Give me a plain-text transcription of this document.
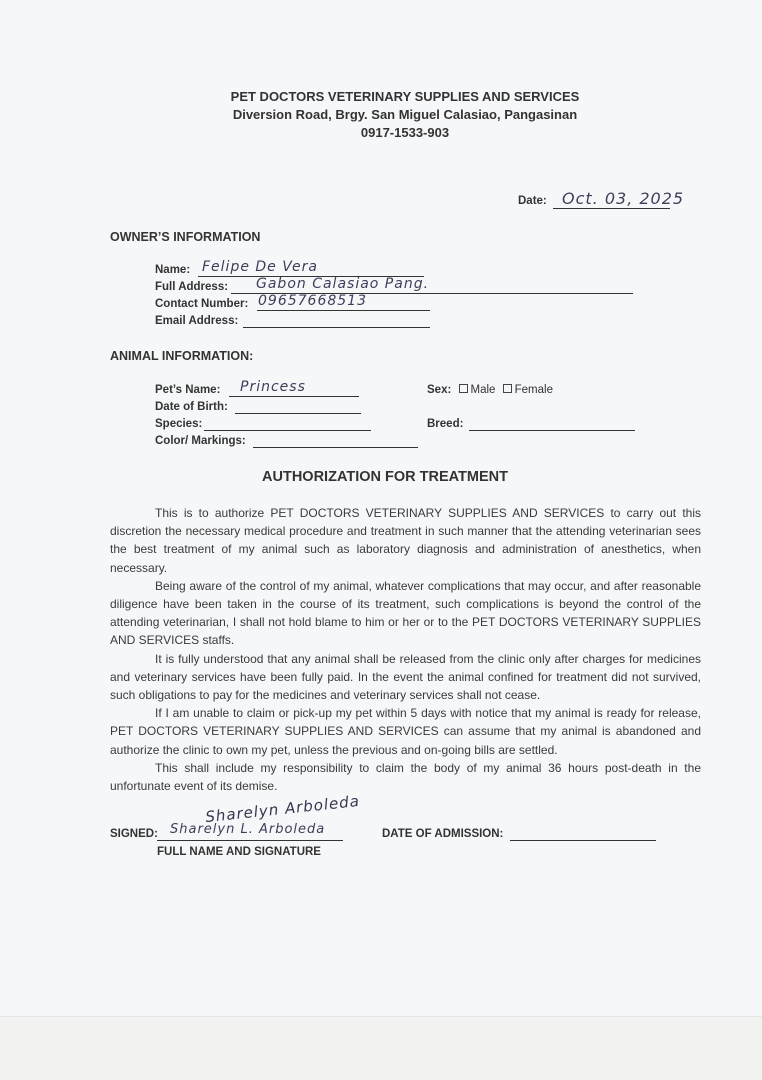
PET DOCTORS VETERINARY SUPPLIES AND SERVICES
Diversion Road, Brgy. San Miguel Calasiao, Pangasinan
0917-1533-903
Date: Oct. 03, 2025
OWNER’S INFORMATION
Name: Felipe De Vera
Full Address: Gabon Calasiao Pang.
Contact Number: 09657668513
Email Address:
ANIMAL INFORMATION:
Pet’s Name: Princess
Date of Birth:
Species:
Color/ Markings:
Sex: Male Female
Breed:
AUTHORIZATION FOR TREATMENT

This is to authorize PET DOCTORS VETERINARY SUPPLIES AND SERVICES to carry out this discretion the necessary medical procedure and treatment in such manner that the attending veterinarian sees the best treatment of my animal such as laboratory diagnosis and administration of anesthetics, when necessary.

Being aware of the control of my animal, whatever complications that may occur, and after reasonable diligence have been taken in the course of its treatment, such complications is beyond the control of the attending veterinarian, I shall not hold blame to him or her or to the PET DOCTORS VETERINARY SUPPLIES AND SERVICES staffs.

It is fully understood that any animal shall be released from the clinic only after charges for medicines and veterinary services have been fully paid. In the event the animal confined for treatment did not survived, such obligations to pay for the medicines and veterinary services shall not cease.

If I am unable to claim or pick-up my pet within 5 days with notice that my animal is ready for release, PET DOCTORS VETERINARY SUPPLIES AND SERVICES can assume that my animal is abandoned and authorize the clinic to own my pet, unless the previous and on-going bills are settled.

This shall include my responsibility to claim the body of my animal 36 hours post-death in the unfortunate event of its demise.

SIGNED:
Sharelyn Arboleda
Sharelyn L. Arboleda
FULL NAME AND SIGNATURE
DATE OF ADMISSION:
